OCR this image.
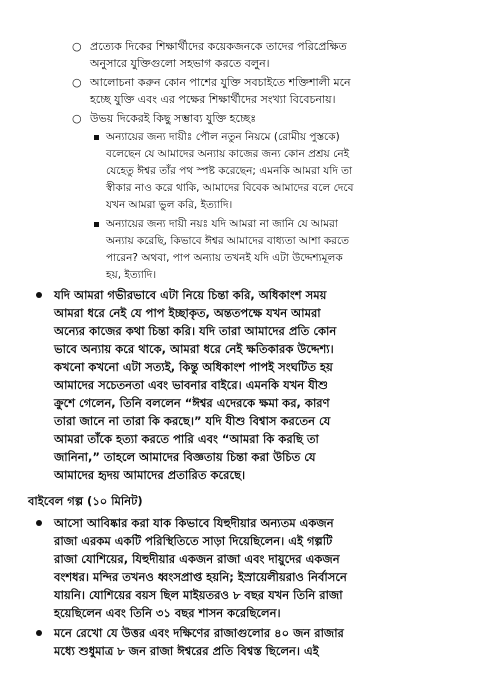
○ প্রত্যেক দিকের শিক্ষার্থীদের কয়েকজনকে তাদের পরিপ্রেক্ষিত
অনুসারে যুক্তিগুলো সহভাগ করতে বলুন।
○ আলোচনা করুন কোন পাশের যুক্তি সবচাইতে শক্তিশালী মনে
হচ্ছে যুক্তি এবং এর পক্ষের শিক্ষার্থীদের সংখ্যা বিবেচনায়।
○ উভয় দিকেরই কিছু সম্ভাব্য যুক্তি হচ্ছেঃ
অন্যায়ের জন্য দায়ীঃ পৌল নতুন নিয়মে (রোমীয় পুস্তকে)
বলেছেন যে আমাদের অন্যায় কাজের জন্য কোন প্রশ্রয় নেই
যেহেতু ঈশ্বর তাঁর পথ স্পষ্ট করেছেন; এমনকি আমরা যদি তা
স্বীকার নাও করে থাকি, আমাদের বিবেক আমাদের বলে দেবে
যখন আমরা ভুল করি, ইত্যাদি।
অন্যায়ের জন্য দায়ী নয়ঃ যদি আমরা না জানি যে আমরা
অন্যায় করেছি, কিভাবে ঈশ্বর আমাদের বাধ্যতা আশা করতে
পারেন? অথবা, পাপ অন্যায় তখনই যদি এটা উদ্দেশ্যমূলক
হয়, ইত্যাদি।
যদি আমরা গভীরভাবে এটা নিয়ে চিন্তা করি, অধিকাংশ সময়
আমরা ধরে নেই যে পাপ ইচ্ছাকৃত, অন্ততপক্ষে যখন আমরা
অন্যের কাজের কথা চিন্তা করি। যদি তারা আমাদের প্রতি কোন
ভাবে অন্যায় করে থাকে, আমরা ধরে নেই ক্ষতিকারক উদ্দেশ্য।
কখনো কখনো এটা সত্যই, কিন্তু অধিকাংশ পাপই সংঘটিত হয়
আমাদের সচেতনতা এবং ভাবনার বাইরে। এমনকি যখন যীশু
ক্রুশে গেলেন, তিনি বললেন “ঈশ্বর এদেরকে ক্ষমা কর, কারণ
তারা জানে না তারা কি করছে।” যদি যীশু বিশ্বাস করতেন যে
আমরা তাঁকে হত্যা করতে পারি এবং “আমরা কি করছি তা
জানিনা,” তাহলে আমাদের বিজ্ঞতায় চিন্তা করা উচিত যে
আমাদের হৃদয় আমাদের প্রতারিত করেছে।
বাইবেল গল্প (১০ মিনিট)
আসো আবিষ্কার করা যাক কিভাবে যিহুদীয়ার অন্যতম একজন
রাজা এরকম একটি পরিস্থিতিতে সাড়া দিয়েছিলেন। এই গল্পটি
রাজা যোশিয়ের, যিহুদীয়ার একজন রাজা এবং দায়ুদের একজন
বংশধর। মন্দির তখনও ধ্বংসপ্রাপ্ত হয়নি; ইস্রায়েলীয়রাও নির্বাসনে
যায়নি। যোশিয়ের বয়স ছিল মাইয়তরও ৮ বছর যখন তিনি রাজা
হয়েছিলেন এবং তিনি ৩১ বছর শাসন করেছিলেন।
মনে রেখো যে উত্তর এবং দক্ষিণের রাজাগুলোর ৪০ জন রাজার
মধ্যে শুধুমাত্র ৮ জন রাজা ঈশ্বরের প্রতি বিশ্বস্ত ছিলেন। এই
